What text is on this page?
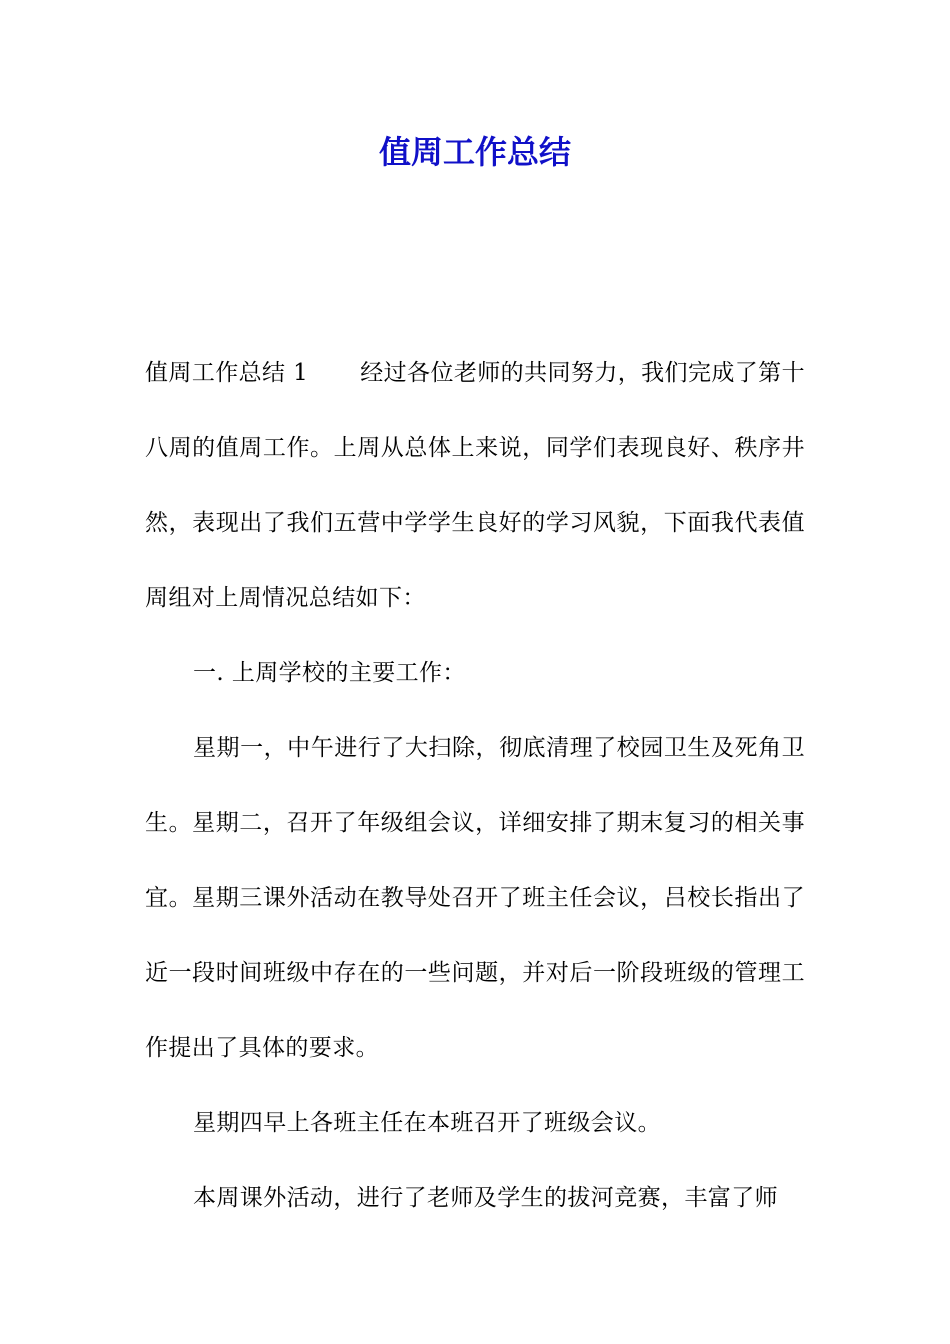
值周工作总结

值周工作总结 1 经过各位老师的共同努力，我们完成了第十八周的值周工作。上周从总体上来说，同学们表现良好、秩序井然，表现出了我们五营中学学生良好的学习风貌，下面我代表值周组对上周情况总结如下：

一. 上周学校的主要工作：

星期一，中午进行了大扫除，彻底清理了校园卫生及死角卫生。星期二，召开了年级组会议，详细安排了期末复习的相关事宜。星期三课外活动在教导处召开了班主任会议，吕校长指出了近一段时间班级中存在的一些问题，并对后一阶段班级的管理工作提出了具体的要求。

星期四早上各班主任在本班召开了班级会议。

本周课外活动，进行了老师及学生的拔河竞赛，丰富了师
